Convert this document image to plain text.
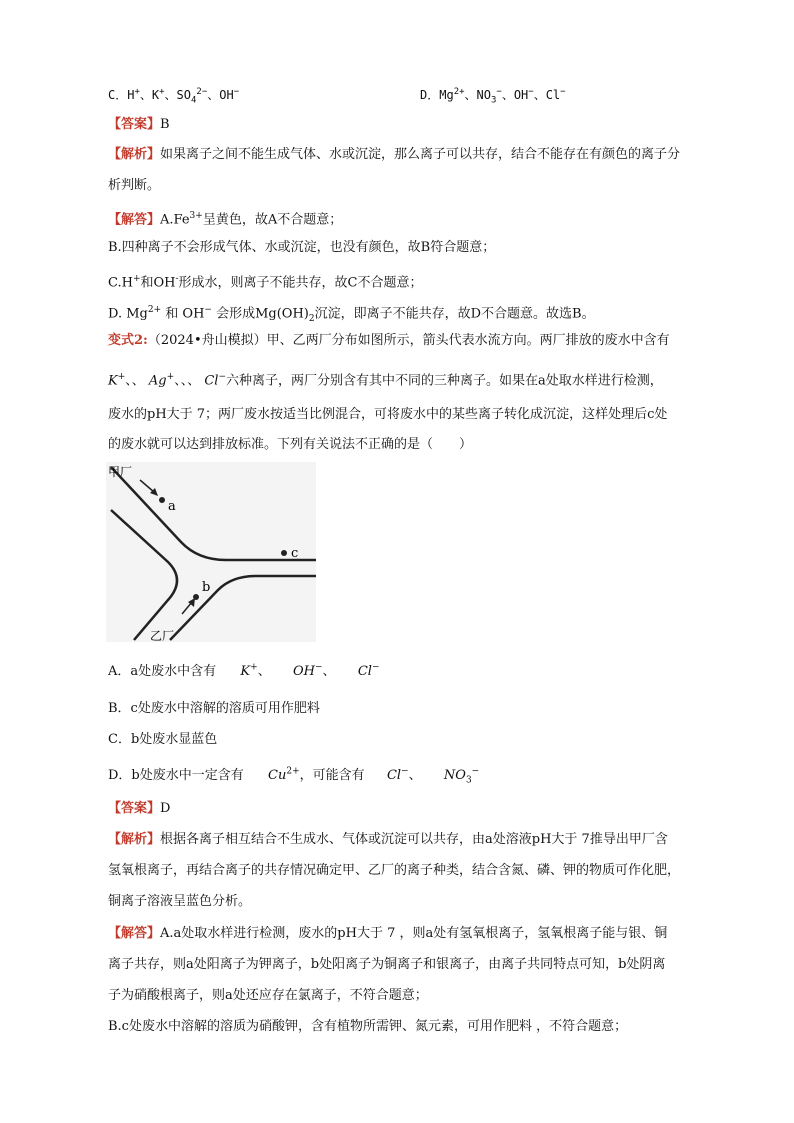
C．H+、K+、$SO_4^{2-}$、OH−	D．$Mg^{2+}$、$NO_3^-$、OH−、Cl−
【答案】B
【解析】如果离子之间不能生成气体、水或沉淀，那么离子可以共存，结合不能存在有颜色的离子分
析判断。
【解答】$A.Fe^{3+}$呈黄色，故A不合题意；
B.四种离子不会形成气体、水或沉淀，也没有颜色，故B符合题意；
C.H+和OH-形成水，则离子不能共存，故C不合题意；
D. $Mg^{2+}$ 和 OH− 会形成$Mg(OH)_2$沉淀，即离子不能共存，故D不合题意。故选B。
变式2:（2024•舟山模拟）甲、乙两厂分布如图所示，箭头代表水流方向。两厂排放的废水中含有
K+、、 Ag+、、、 Cl−六种离子，两厂分别含有其中不同的三种离子。如果在a处取水样进行检测，
废水的pH大于 7；两厂废水按适当比例混合，可将废水中的某些离子转化成沉淀，这样处理后c处
的废水就可以达到排放标准。下列有关说法不正确的是（　　）
a
b
c
甲厂
乙厂
A．a处废水中含有 K+、 OH−、 Cl−
B．c处废水中溶解的溶质可用作肥料
C．b处废水显蓝色
D．b处废水中一定含有 $Cu^{2+}$，可能含有 Cl−、 $NO_3^-$
【答案】D
【解析】根据各离子相互结合不生成水、气体或沉淀可以共存，由a处溶液pH大于 7推导出甲厂含
氢氧根离子，再结合离子的共存情况确定甲、乙厂的离子种类，结合含氮、磷、钾的物质可作化肥，
铜离子溶液呈蓝色分析。
【解答】A.a处取水样进行检测，废水的pH大于 7 ，则a处有氢氧根离子，氢氧根离子能与银、铜
离子共存，则a处阳离子为钾离子，b处阳离子为铜离子和银离子，由离子共同特点可知，b处阴离
子为硝酸根离子，则a处还应存在氯离子，不符合题意；
B.c处废水中溶解的溶质为硝酸钾，含有植物所需钾、氮元素，可用作肥料 ，不符合题意；
